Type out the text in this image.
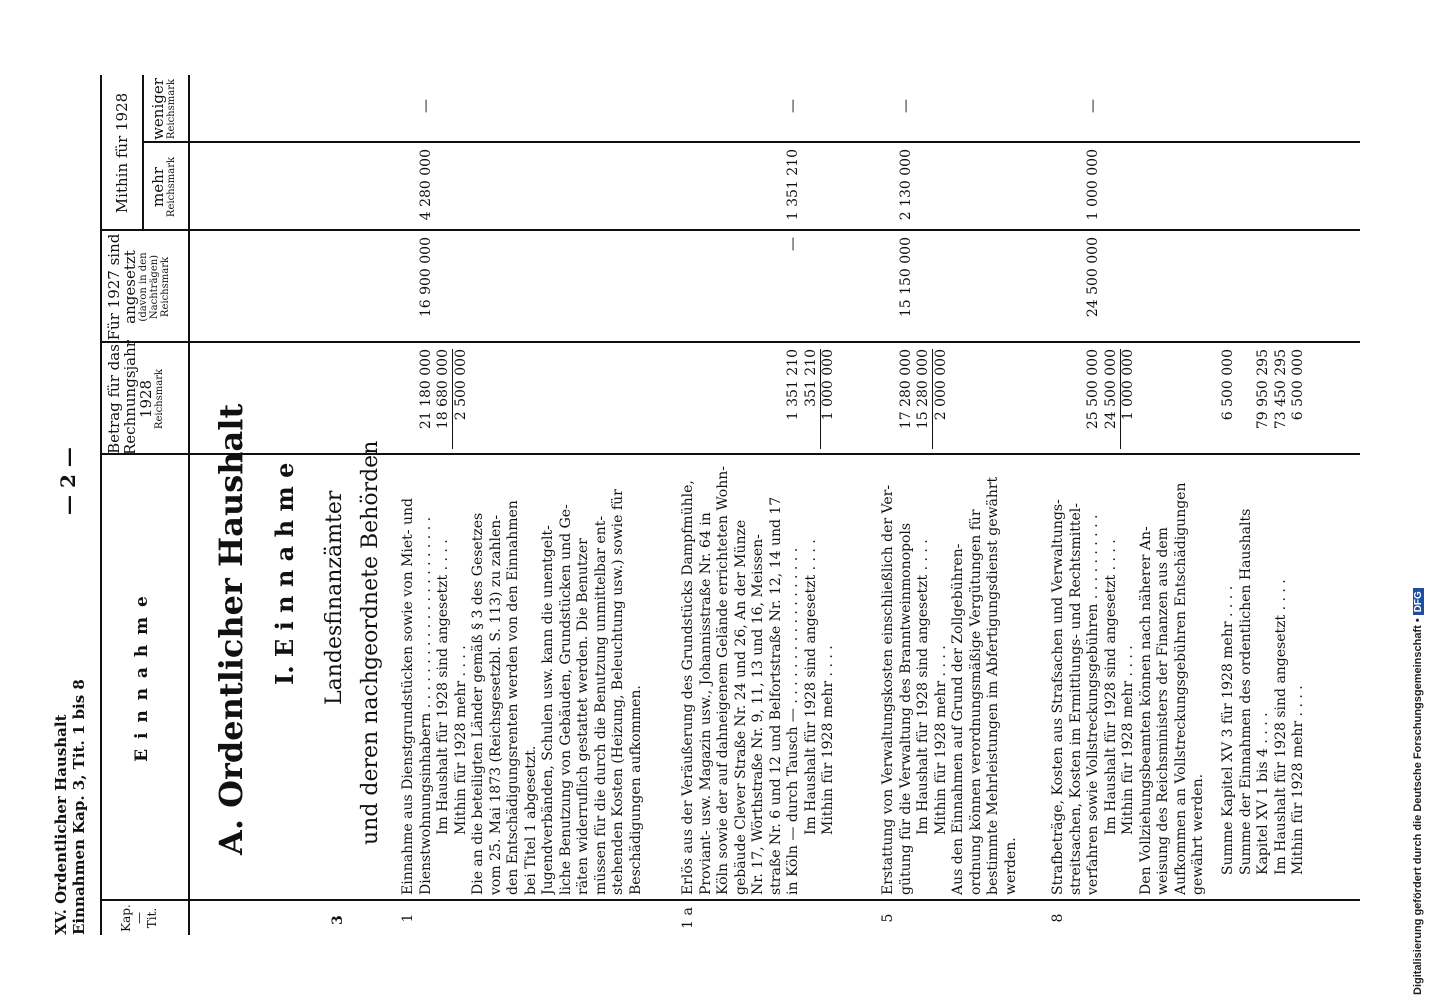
XV. Ordentlicher Haushalt Einnahmen Kap. 3, Tit. 1 bis 8
— 2 —
Kap. — Tit.
E i n n a h m e
Betrag für das Rechnungsjahr 1928 Reichsmark
Für 1927 sind angesetzt (davon in den Nachträgen) Reichsmark
Mithin für 1928 mehr Reichsmark
weniger Reichsmark
A. Ordentlicher Haushalt I. E i n n a h m e Landesfinanzämter und deren nachgeordnete Behörden
3	1
Einnahme aus Dienstgrundstücken sowie von Miet- und Dienstwohnungsinhabern . . . . . . . . . . . . . . . . . . . . . . Im Haushalt für 1928 sind angesetzt . . . . Mithin für 1928 mehr . . . . Die an die beteiligten Länder gemäß § 3 des Gesetzes vom 25. Mai 1873 (Reichsgesetzbl. S. 113) zu zahlen- den Entschädigungsrenten werden von den Einnahmen bei Titel 1 abgesetzt. Jugendverbänden, Schulen usw. kann die unentgelt- liche Benutzung von Gebäuden, Grundstücken und Ge- räten widerruflich gestattet werden. Die Benutzer müssen für die durch die Benutzung unmittelbar ent- stehenden Kosten (Heizung, Beleuchtung usw.) sowie für Beschädigungen aufkommen.
21 180 000 18 680 000 2 500 000
16 900 000
4 280 000
—
1 a
Erlös aus der Veräußerung des Grundstücks Dampfmühle, Proviant- usw. Magazin usw., Johannisstraße Nr. 64 in Köln sowie der auf dahneigenem Gelände errichteten Wohn- gebäude Clever Straße Nr. 24 und 26, An der Münze Nr. 17, Wörthstraße Nr. 9, 11, 13 und 16, Meissen- straße Nr. 6 und 12 und Belfortstraße Nr. 12, 14 und 17 in Köln — durch Tausch — . . . . . . . . . . . . . . . . . . Im Haushalt für 1928 sind angesetzt . . . . Mithin für 1928 mehr . . . .
1 351 210 351 210 1 000 000
—
1 351 210
—
5
Erstattung von Verwaltungskosten einschließlich der Ver- gütung für die Verwaltung des Branntweinmonopols Im Haushalt für 1928 sind angesetzt . . . . Mithin für 1928 mehr . . . . Aus den Einnahmen auf Grund der Zollgebühren- ordnung können verordnungsmäßige Vergütungen für bestimmte Mehrleistungen im Abfertigungsdienst gewährt werden.
17 280 000 15 280 000 2 000 000
15 150 000
2 130 000
—
8
Strafbeträge, Kosten aus Strafsachen und Verwaltungs- streitsachen, Kosten im Ermittlungs- und Rechtsmittel- verfahren sowie Vollstreckungsgebühren . . . . . . . . . . Im Haushalt für 1928 sind angesetzt . . . . Mithin für 1928 mehr . . . . Den Vollziehungsbeamten können nach näherer An- weisung des Reichsministers der Finanzen aus dem Aufkommen an Vollstreckungsgebühren Entschädigungen gewährt werden.
25 500 000 24 500 000 1 000 000
24 500 000
1 000 000
—
Summe Kapitel XV 3 für 1928 mehr . . . . Summe der Einnahmen des ordentlichen Haushalts Kapitel XV 1 bis 4 . . . . Im Haushalt für 1928 sind angesetzt . . . . Mithin für 1928 mehr . . . .
6 500 000 79 950 295 73 450 295 6 500 000
Digitalisierung gefördert durch die Deutsche Forschungsgemeinschaft •DFG
